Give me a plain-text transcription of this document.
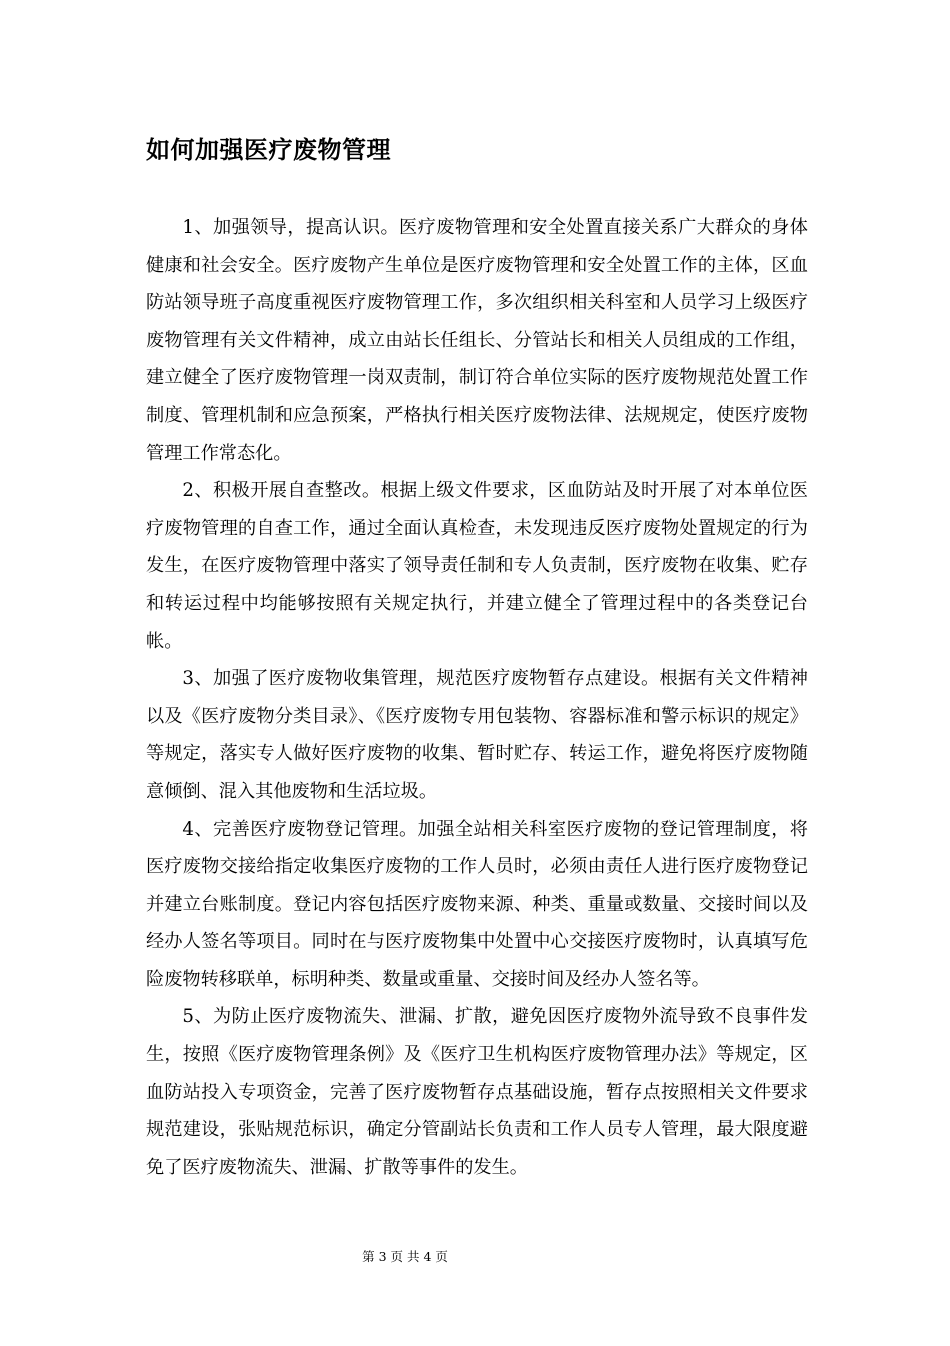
如何加强医疗废物管理

1、加强领导，提高认识。医疗废物管理和安全处置直接关系广大群众的身体健康和社会安全。医疗废物产生单位是医疗废物管理和安全处置工作的主体，区血防站领导班子高度重视医疗废物管理工作，多次组织相关科室和人员学习上级医疗废物管理有关文件精神，成立由站长任组长、分管站长和相关人员组成的工作组，建立健全了医疗废物管理一岗双责制，制订符合单位实际的医疗废物规范处置工作制度、管理机制和应急预案，严格执行相关医疗废物法律、法规规定，使医疗废物管理工作常态化。

2、积极开展自查整改。根据上级文件要求，区血防站及时开展了对本单位医疗废物管理的自查工作，通过全面认真检查，未发现违反医疗废物处置规定的行为发生，在医疗废物管理中落实了领导责任制和专人负责制，医疗废物在收集、贮存和转运过程中均能够按照有关规定执行，并建立健全了管理过程中的各类登记台帐。

3、加强了医疗废物收集管理，规范医疗废物暂存点建设。根据有关文件精神以及《医疗废物分类目录》、《医疗废物专用包装物、容器标准和警示标识的规定》等规定，落实专人做好医疗废物的收集、暂时贮存、转运工作，避免将医疗废物随意倾倒、混入其他废物和生活垃圾。

4、完善医疗废物登记管理。加强全站相关科室医疗废物的登记管理制度，将医疗废物交接给指定收集医疗废物的工作人员时，必须由责任人进行医疗废物登记并建立台账制度。登记内容包括医疗废物来源、种类、重量或数量、交接时间以及经办人签名等项目。同时在与医疗废物集中处置中心交接医疗废物时，认真填写危险废物转移联单，标明种类、数量或重量、交接时间及经办人签名等。

5、为防止医疗废物流失、泄漏、扩散，避免因医疗废物外流导致不良事件发生，按照《医疗废物管理条例》及《医疗卫生机构医疗废物管理办法》等规定，区血防站投入专项资金，完善了医疗废物暂存点基础设施，暂存点按照相关文件要求规范建设，张贴规范标识，确定分管副站长负责和工作人员专人管理，最大限度避免了医疗废物流失、泄漏、扩散等事件的发生。

第 3 页 共 4 页
